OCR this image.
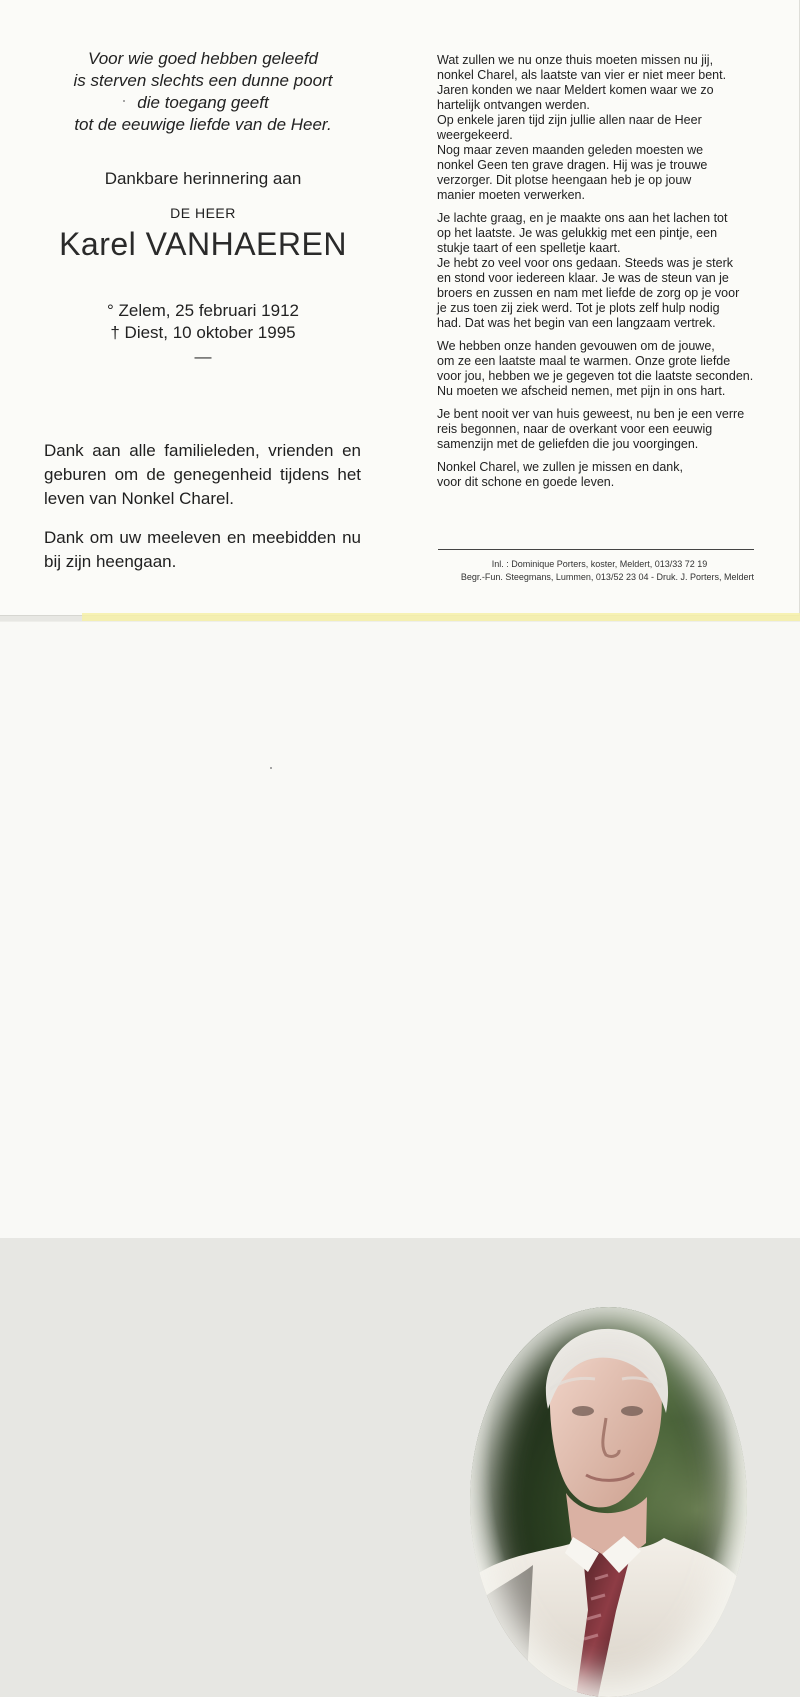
Voor wie goed hebben geleefd
is sterven slechts een dunne poort
die toegang geeft
tot de eeuwige liefde van de Heer.
Dankbare herinnering aan
DE HEER
Karel VANHAEREN
° Zelem, 25 februari 1912
† Diest, 10 oktober 1995
—

Dank aan alle familieleden, vrienden en geburen om de genegenheid tijdens het leven van Nonkel Charel.

Dank om uw meeleven en meebidden nu bij zijn heengaan.

Wat zullen we nu onze thuis moeten missen nu jij,
nonkel Charel, als laatste van vier er niet meer bent.
Jaren konden we naar Meldert komen waar we zo
hartelijk ontvangen werden.
Op enkele jaren tijd zijn jullie allen naar de Heer
weergekeerd.
Nog maar zeven maanden geleden moesten we
nonkel Geen ten grave dragen. Hij was je trouwe
verzorger. Dit plotse heengaan heb je op jouw
manier moeten verwerken.

Je lachte graag, en je maakte ons aan het lachen tot
op het laatste. Je was gelukkig met een pintje, een
stukje taart of een spelletje kaart.
Je hebt zo veel voor ons gedaan. Steeds was je sterk
en stond voor iedereen klaar. Je was de steun van je
broers en zussen en nam met liefde de zorg op je voor
je zus toen zij ziek werd. Tot je plots zelf hulp nodig
had. Dat was het begin van een langzaam vertrek.

We hebben onze handen gevouwen om de jouwe,
om ze een laatste maal te warmen. Onze grote liefde
voor jou, hebben we je gegeven tot die laatste seconden.
Nu moeten we afscheid nemen, met pijn in ons hart.

Je bent nooit ver van huis geweest, nu ben je een verre
reis begonnen, naar de overkant voor een eeuwig
samenzijn met de geliefden die jou voorgingen.

Nonkel Charel, we zullen je missen en dank,
voor dit schone en goede leven.

Inl. : Dominique Porters, koster, Meldert, 013/33 72 19
Begr.-Fun. Steegmans, Lummen, 013/52 23 04 - Druk. J. Porters, Meldert
